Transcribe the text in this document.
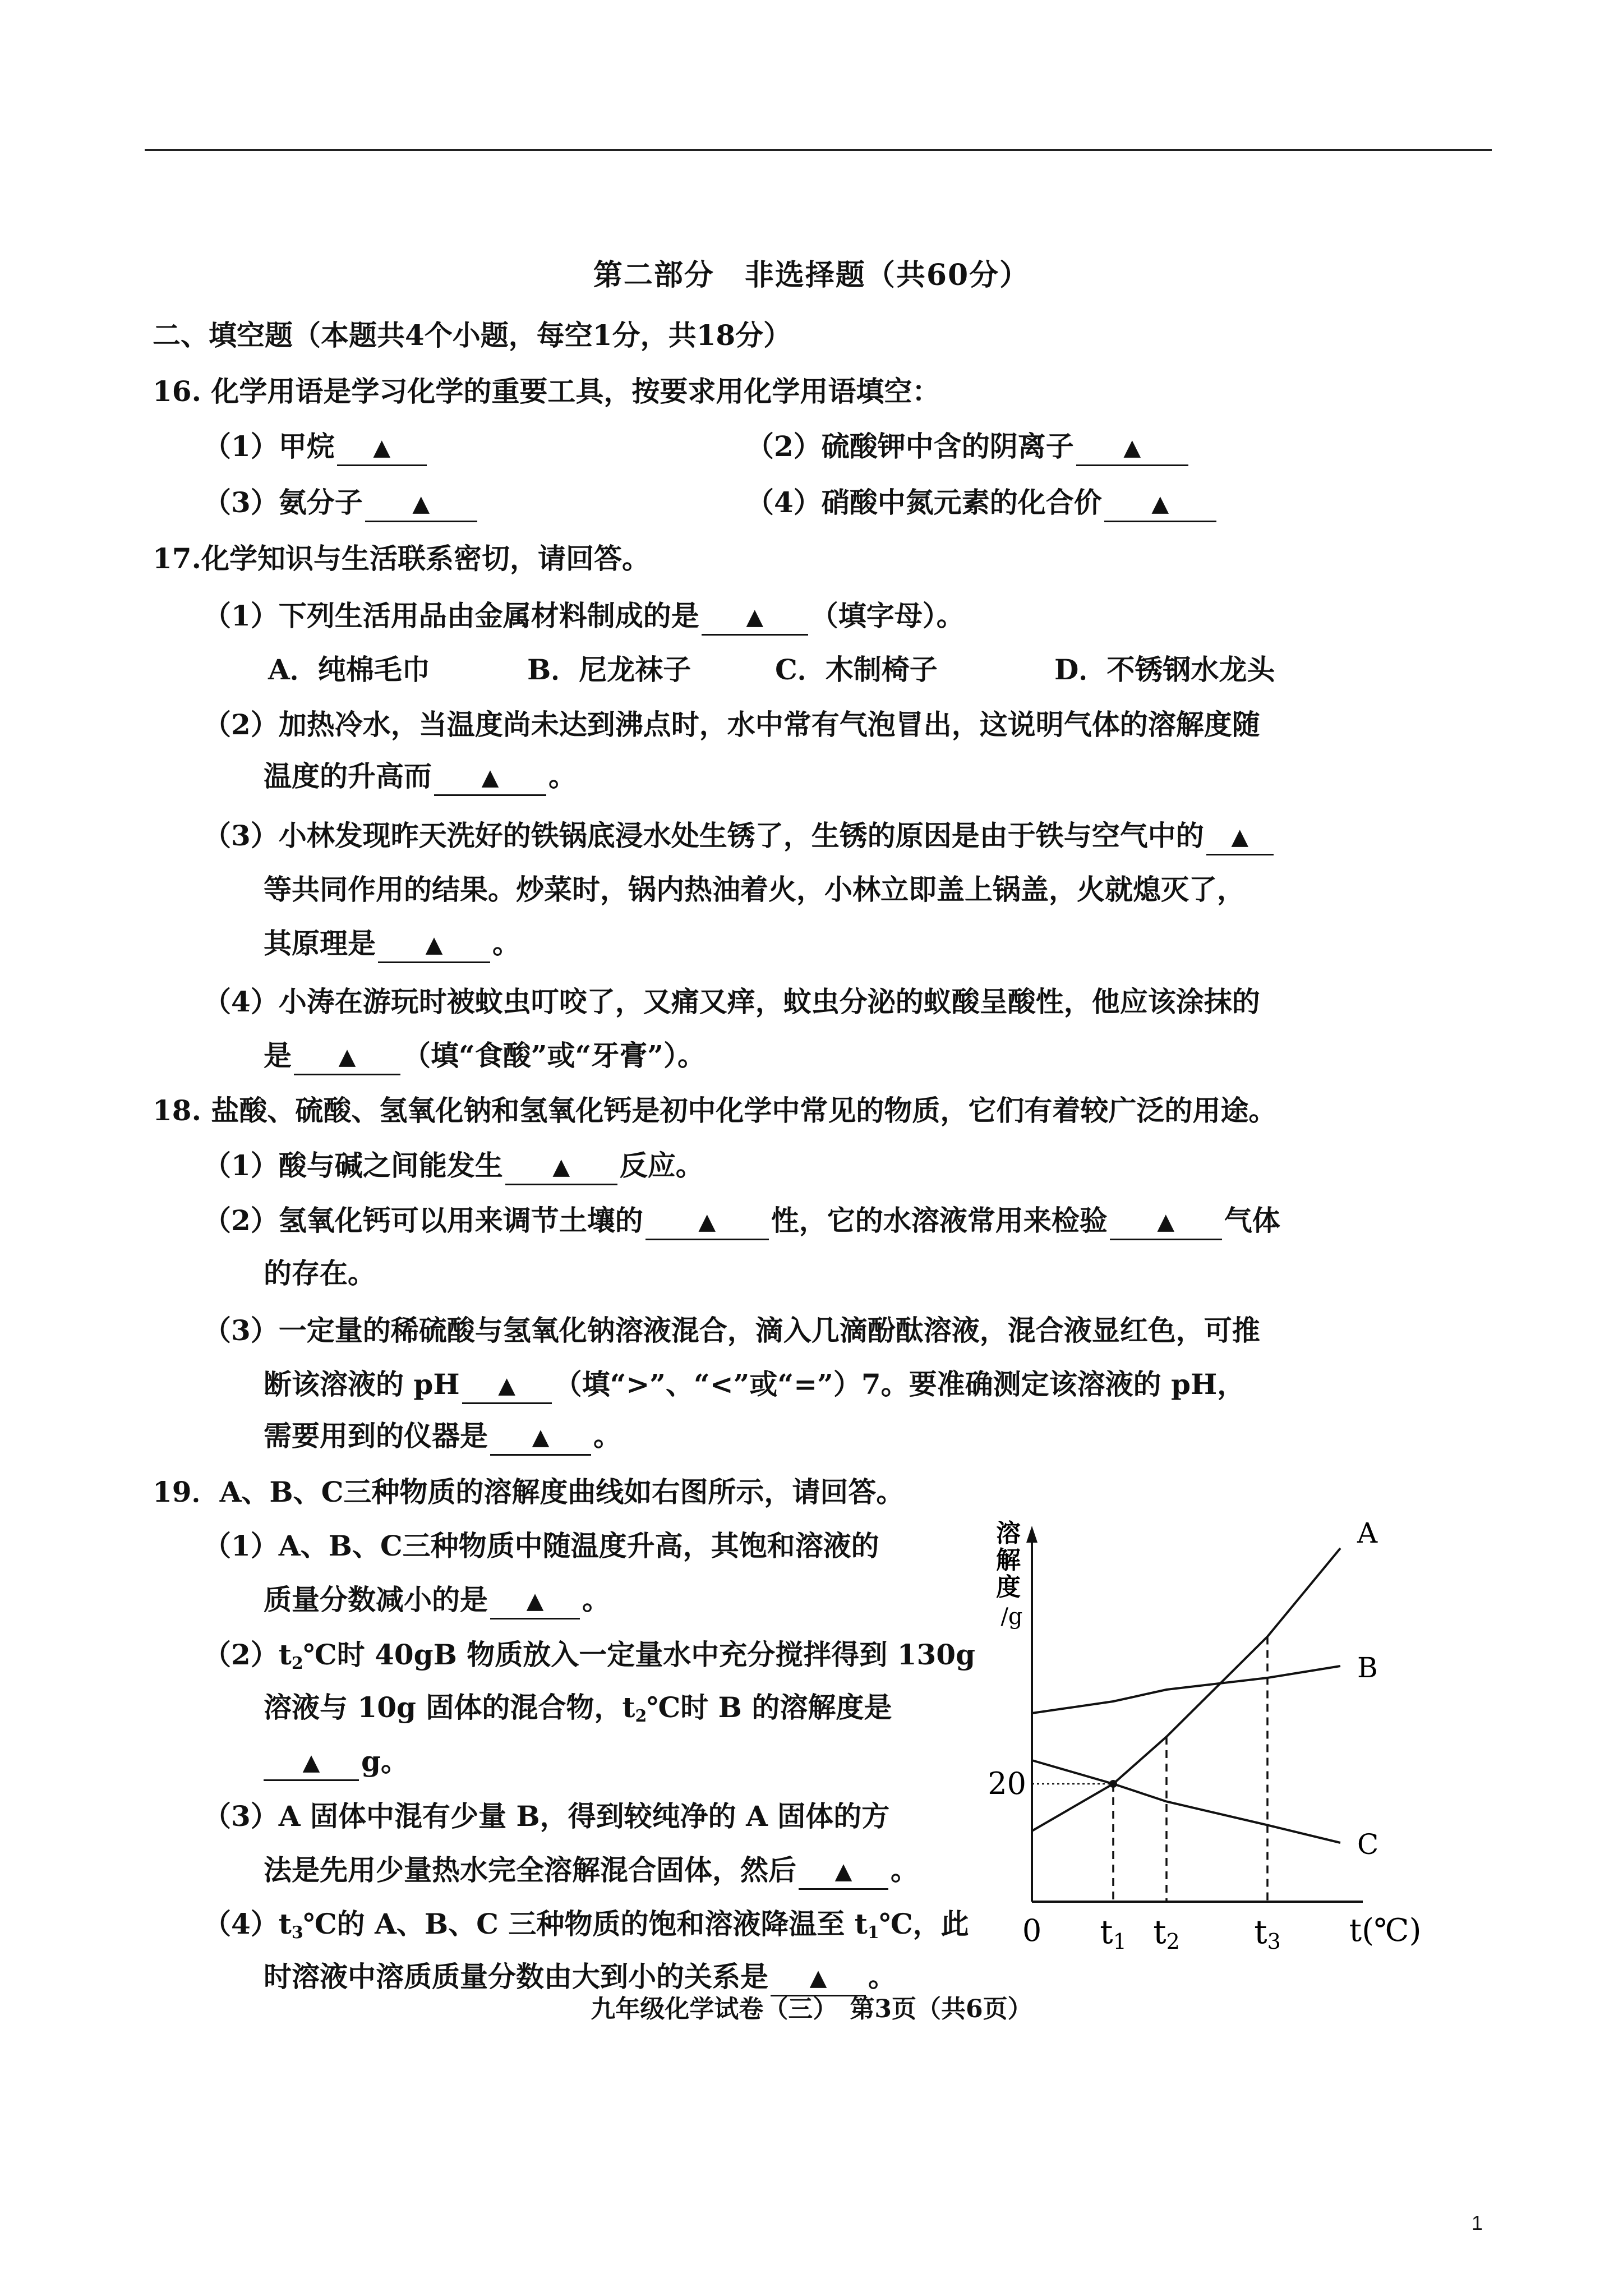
第二部分　非选择题（共60分）
二、填空题（本题共4个小题，每空1分，共18分）
16. 化学用语是学习化学的重要工具，按要求用化学用语填空：
（1）甲烷 ▲	（2）硫酸钾中含的阴离子 ▲
（3）氨分子 ▲	（4）硝酸中氮元素的化合价 ▲
17.化学知识与生活联系密切，请回答。
（1）下列生活用品由金属材料制成的是 ▲ （填字母）。
A．纯棉毛巾	B．尼龙袜子	C．木制椅子	D．不锈钢水龙头
（2）加热冷水，当温度尚未达到沸点时，水中常有气泡冒出，这说明气体的溶解度随
温度的升高而 ▲ 。
（3）小林发现昨天洗好的铁锅底浸水处生锈了，生锈的原因是由于铁与空气中的 ▲
等共同作用的结果。炒菜时，锅内热油着火，小林立即盖上锅盖，火就熄灭了，
其原理是 ▲ 。
（4）小涛在游玩时被蚊虫叮咬了，又痛又痒，蚊虫分泌的蚁酸呈酸性，他应该涂抹的
是 ▲ （填“食酸”或“牙膏”）。
18. 盐酸、硫酸、氢氧化钠和氢氧化钙是初中化学中常见的物质，它们有着较广泛的用途。
（1）酸与碱之间能发生 ▲ 反应。
（2）氢氧化钙可以用来调节土壤的 ▲ 性，它的水溶液常用来检验 ▲ 气体
的存在。
（3）一定量的稀硫酸与氢氧化钠溶液混合，滴入几滴酚酞溶液，混合液显红色，可推
断该溶液的 pH ▲ （填“>”、“<”或“=”）7。要准确测定该溶液的 pH，
需要用到的仪器是 ▲ 。
19．A、B、C三种物质的溶解度曲线如右图所示，请回答。
（1）A、B、C三种物质中随温度升高，其饱和溶液的
质量分数减小的是 ▲ 。
$(2)t_2℃$时 40gB 物质放入一定量水中充分搅拌得到 130g
溶液与 10g 固体的混合物，$t_2℃$时 B 的溶解度是
▲ g。
（3）A 固体中混有少量 B，得到较纯净的 A 固体的方
法是先用少量热水完全溶解混合固体，然后 ▲ 。
$(4)t_3℃$的 A、B、C 三种物质的饱和溶液降温至 $t_1℃$，此
时溶液中溶质质量分数由大到小的关系是 ▲ 。
溶
解
度
/g
0 t1 t2 t3 t(℃)
20
A
B
C
九年级化学试卷（三）　第3页（共6页）
1
